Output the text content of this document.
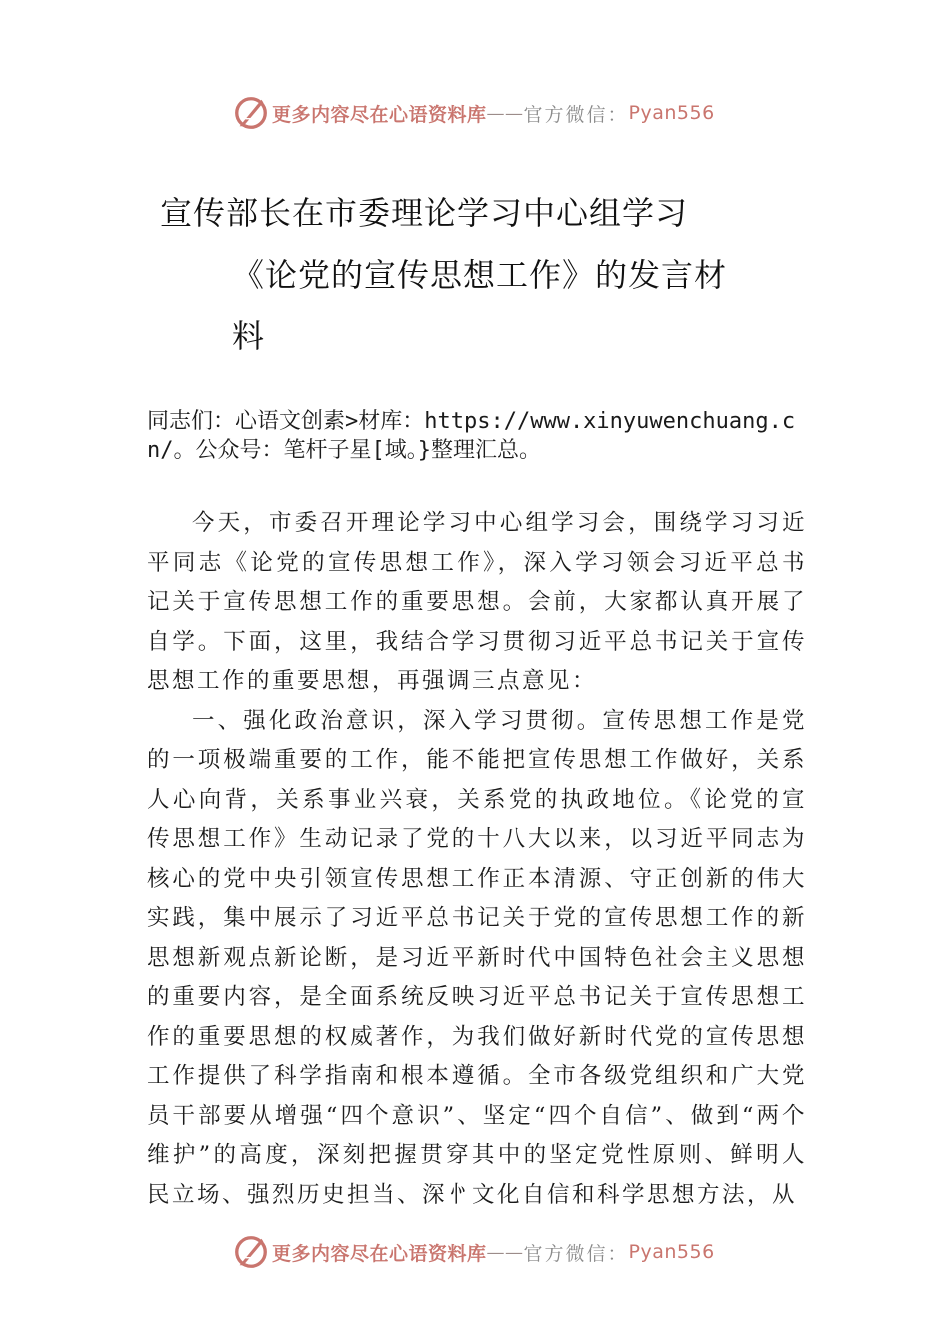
更多内容尽在心语资料库 —— 官方微信： Pyan556
宣传部长在市委理论学习中心组学习
《论党的宣传思想工作》的发言材
料
同志们：心语文创素>材库：https://www.xinyuwenchuang.cn/。公众号：笔杆子星[域。}整理汇总。

今天，市委召开理论学习中心组学习会，围绕学习习近平同志《论党的宣传思想工作》，深入学习领会习近平总书记关于宣传思想工作的重要思想。会前，大家都认真开展了自学。下面，这里，我结合学习贯彻习近平总书记关于宣传思想工作的重要思想，再强调三点意见：

一、强化政治意识，深入学习贯彻。宣传思想工作是党的一项极端重要的工作，能不能把宣传思想工作做好，关系人心向背，关系事业兴衰，关系党的执政地位。《论党的宣传思想工作》生动记录了党的十八大以来，以习近平同志为核心的党中央引领宣传思想工作正本清源、守正创新的伟大实践，集中展示了习近平总书记关于党的宣传思想工作的新思想新观点新论断，是习近平新时代中国特色社会主义思想的重要内容，是全面系统反映习近平总书记关于宣传思想工作的重要思想的权威著作，为我们做好新时代党的宣传思想工作提供了科学指南和根本遵循。全市各级党组织和广大党员干部要从增强“四个意识”、坚定“四个自信”、做到“两个维护”的高度，深刻把握贯穿其中的坚定党性原则、鲜明人民立场、强烈历史担当、深㣺文化自信和科学思想方法，从

更多内容尽在心语资料库 —— 官方微信： Pyan556
